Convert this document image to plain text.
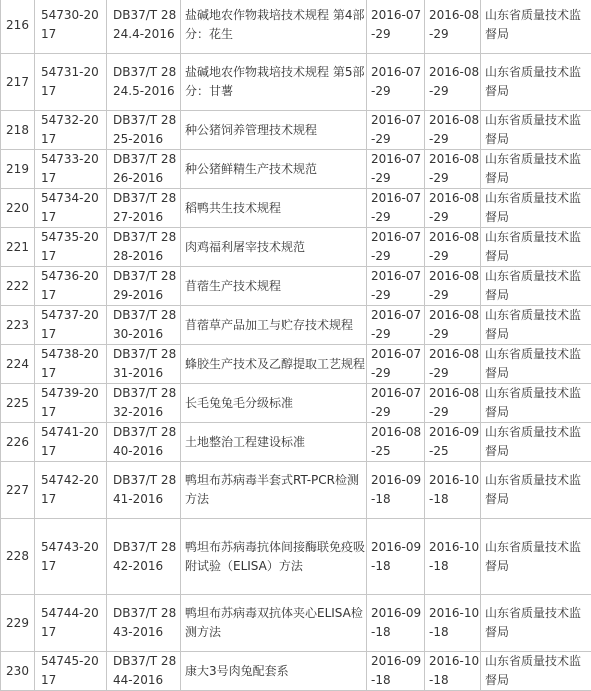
216	54730-2017	DB37/T 2824.4-2016	盐碱地农作物栽培技术规程 第4部分：花生	2016-07-29	2016-08-29	山东省质量技术监督局
217	54731-2017	DB37/T 2824.5-2016	盐碱地农作物栽培技术规程 第5部分：甘薯	2016-07-29	2016-08-29	山东省质量技术监督局
218	54732-2017	DB37/T 2825-2016	种公猪饲养管理技术规程	2016-07-29	2016-08-29	山东省质量技术监督局
219	54733-2017	DB37/T 2826-2016	种公猪鲜精生产技术规范	2016-07-29	2016-08-29	山东省质量技术监督局
220	54734-2017	DB37/T 2827-2016	稻鸭共生技术规程	2016-07-29	2016-08-29	山东省质量技术监督局
221	54735-2017	DB37/T 2828-2016	肉鸡福利屠宰技术规范	2016-07-29	2016-08-29	山东省质量技术监督局
222	54736-2017	DB37/T 2829-2016	苜蓿生产技术规程	2016-07-29	2016-08-29	山东省质量技术监督局
223	54737-2017	DB37/T 2830-2016	苜蓿草产品加工与贮存技术规程	2016-07-29	2016-08-29	山东省质量技术监督局
224	54738-2017	DB37/T 2831-2016	蜂胶生产技术及乙醇提取工艺规程	2016-07-29	2016-08-29	山东省质量技术监督局
225	54739-2017	DB37/T 2832-2016	长毛兔兔毛分级标准	2016-07-29	2016-08-29	山东省质量技术监督局
226	54741-2017	DB37/T 2840-2016	土地整治工程建设标准	2016-08-25	2016-09-25	山东省质量技术监督局
227	54742-2017	DB37/T 2841-2016	鸭坦布苏病毒半套式RT-PCR检测方法	2016-09-18	2016-10-18	山东省质量技术监督局
228	54743-2017	DB37/T 2842-2016	鸭坦布苏病毒抗体间接酶联免疫吸附试验（ELISA）方法	2016-09-18	2016-10-18	山东省质量技术监督局
229	54744-2017	DB37/T 2843-2016	鸭坦布苏病毒双抗体夹心ELISA检测方法	2016-09-18	2016-10-18	山东省质量技术监督局
230	54745-2017	DB37/T 2844-2016	康大3号肉兔配套系	2016-09-18	2016-10-18	山东省质量技术监督局
